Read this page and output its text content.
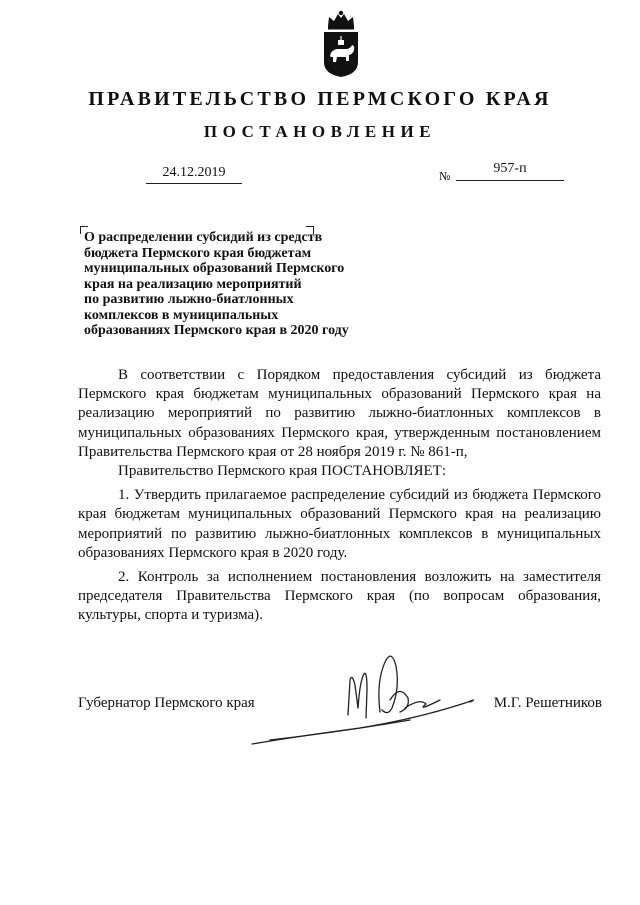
ПРАВИТЕЛЬСТВО ПЕРМСКОГО КРАЯ
ПОСТАНОВЛЕНИЕ
24.12.2019	№	957-п
О распределении субсидий из средств
бюджета Пермского края бюджетам
муниципальных образований Пермского
края на реализацию мероприятий
по развитию лыжно-биатлонных
комплексов в муниципальных
образованиях Пермского края в 2020 году

В соответствии с Порядком предоставления субсидий из бюджета Пермского края бюджетам муниципальных образований Пермского края на реализацию мероприятий по развитию лыжно-биатлонных комплексов в муниципальных образованиях Пермского края, утвержденным постановлением Правительства Пермского края от 28 ноября 2019 г. № 861-п,

Правительство Пермского края ПОСТАНОВЛЯЕТ:

1. Утвердить прилагаемое распределение субсидий из бюджета Пермского края бюджетам муниципальных образований Пермского края на реализацию мероприятий по развитию лыжно-биатлонных комплексов в муниципальных образованиях Пермского края в 2020 году.

2. Контроль за исполнением постановления возложить на заместителя председателя Правительства Пермского края (по вопросам образования, культуры, спорта и туризма).

Губернатор Пермского края	М.Г. Решетников
